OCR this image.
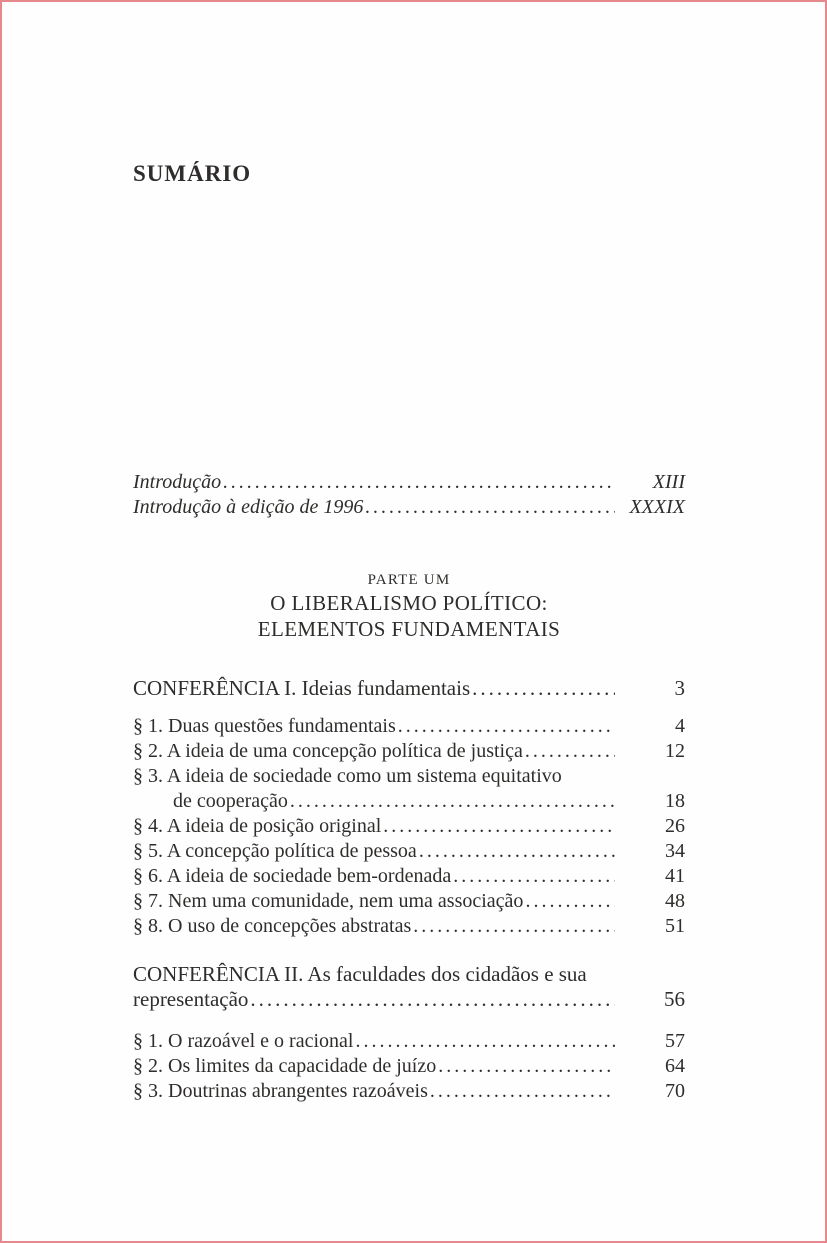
SUMÁRIO
Introdução .....	XIII
Introdução à edição de 1996 .....	XXXIX
PARTE UM
O LIBERALISMO POLÍTICO:
ELEMENTOS FUNDAMENTAIS
CONFERÊNCIA I. Ideias fundamentais .....	3
§ 1. Duas questões fundamentais .....	4
§ 2. A ideia de uma concepção política de justiça .....	12
§ 3. A ideia de sociedade como um sistema equitativo
de cooperação .....	18
§ 4. A ideia de posição original .....	26
§ 5. A concepção política de pessoa .....	34
§ 6. A ideia de sociedade bem-ordenada .....	41
§ 7. Nem uma comunidade, nem uma associação .....	48
§ 8. O uso de concepções abstratas .....	51
CONFERÊNCIA II. As faculdades dos cidadãos e sua
representação .....	56
§ 1. O razoável e o racional .....	57
§ 2. Os limites da capacidade de juízo .....	64
§ 3. Doutrinas abrangentes razoáveis .....	70
